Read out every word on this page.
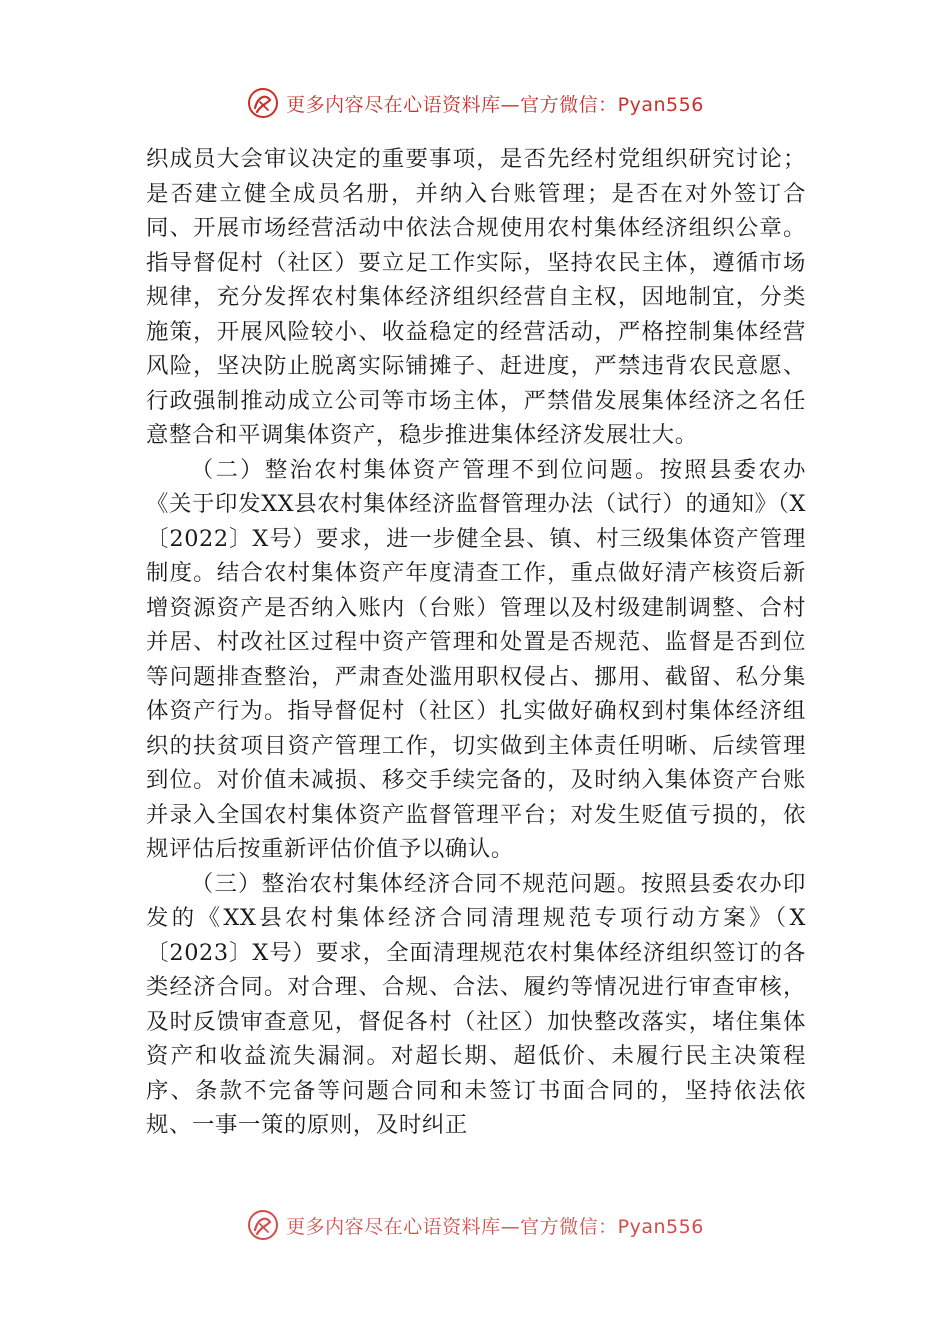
更多内容尽在心语资料库—官方微信：Pyan556

织成员大会审议决定的重要事项，是否先经村党组织研究讨论；是否建立健全成员名册，并纳入台账管理；是否在对外签订合同、开展市场经营活动中依法合规使用农村集体经济组织公章。指导督促村（社区）要立足工作实际，坚持农民主体，遵循市场规律，充分发挥农村集体经济组织经营自主权，因地制宜，分类施策，开展风险较小、收益稳定的经营活动，严格控制集体经营风险，坚决防止脱离实际铺摊子、赶进度，严禁违背农民意愿、行政强制推动成立公司等市场主体，严禁借发展集体经济之名任意整合和平调集体资产，稳步推进集体经济发展壮大。

（二）整治农村集体资产管理不到位问题。按照县委农办《关于印发XX县农村集体经济监督管理办法（试行）的通知》（X〔2022〕X号）要求，进一步健全县、镇、村三级集体资产管理制度。结合农村集体资产年度清查工作，重点做好清产核资后新增资源资产是否纳入账内（台账）管理以及村级建制调整、合村并居、村改社区过程中资产管理和处置是否规范、监督是否到位等问题排查整治，严肃查处滥用职权侵占、挪用、截留、私分集体资产行为。指导督促村（社区）扎实做好确权到村集体经济组织的扶贫项目资产管理工作，切实做到主体责任明晰、后续管理到位。对价值未减损、移交手续完备的，及时纳入集体资产台账并录入全国农村集体资产监督管理平台；对发生贬值亏损的，依规评估后按重新评估价值予以确认。

（三）整治农村集体经济合同不规范问题。按照县委农办印发的《XX县农村集体经济合同清理规范专项行动方案》（X〔2023〕X号）要求，全面清理规范农村集体经济组织签订的各类经济合同。对合理、合规、合法、履约等情况进行审查审核，及时反馈审查意见，督促各村（社区）加快整改落实，堵住集体资产和收益流失漏洞。对超长期、超低价、未履行民主决策程序、条款不完备等问题合同和未签订书面合同的，坚持依法依规、一事一策的原则，及时纠正

更多内容尽在心语资料库—官方微信：Pyan556
